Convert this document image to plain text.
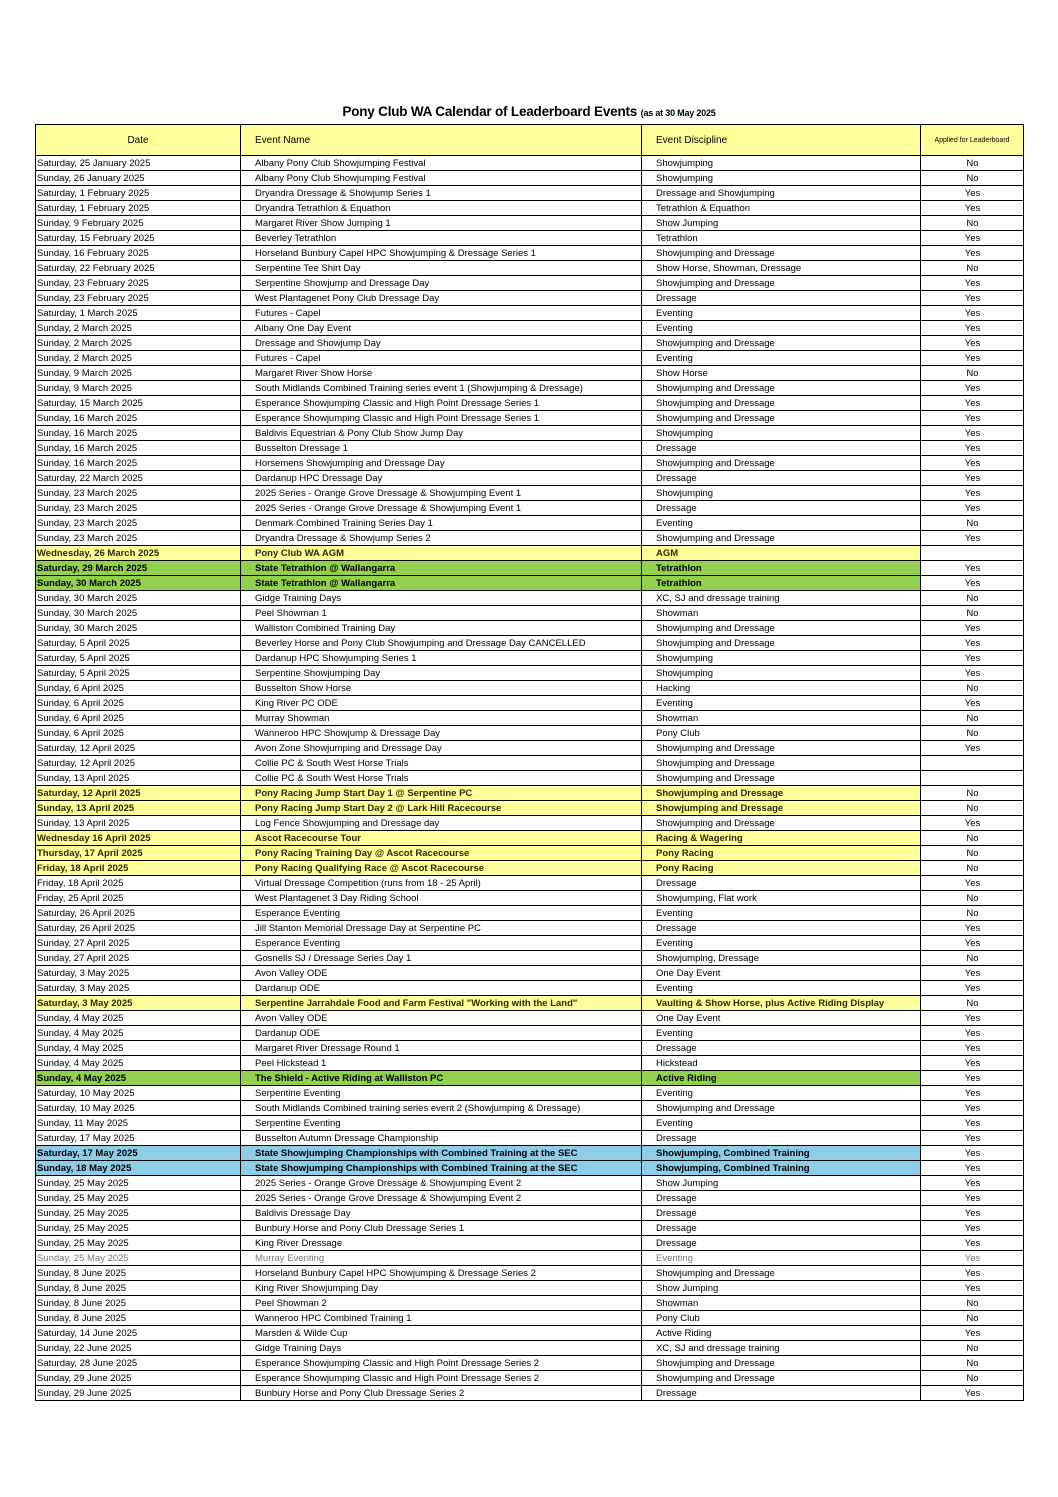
Pony Club WA Calendar of Leaderboard Events (as at 30 May 2025
Date	Event Name	Event Discipline	Applied for Leaderboard
Saturday, 25 January 2025	Albany Pony Club Showjumping Festival	Showjumping	No
Sunday, 26 January 2025	Albany Pony Club Showjumping Festival	Showjumping	No
Saturday, 1 February 2025	Dryandra Dressage & Showjump Series 1	Dressage and Showjumping	Yes
Saturday, 1 February 2025	Dryandra Tetrathlon & Equathon	Tetrathlon & Equathon	Yes
Sunday, 9 February 2025	Margaret River Show Jumping 1	Show Jumping	No
Saturday, 15 February 2025	Beverley Tetrathlon	Tetrathlon	Yes
Sunday, 16 February 2025	Horseland Bunbury Capel HPC Showjumping & Dressage Series 1	Showjumping and Dressage	Yes
Saturday, 22 February 2025	Serpentine Tee Shirt Day	Show Horse, Showman, Dressage	No
Sunday, 23 February 2025	Serpentine Showjump and Dressage Day	Showjumping and Dressage	Yes
Sunday, 23 February 2025	West Plantagenet Pony Club Dressage Day	Dressage	Yes
Saturday, 1 March 2025	Futures - Capel	Eventing	Yes
Sunday, 2 March 2025	Albany One Day Event	Eventing	Yes
Sunday, 2 March 2025	Dressage and Showjump Day	Showjumping and Dressage	Yes
Sunday, 2 March 2025	Futures - Capel	Eventing	Yes
Sunday, 9 March 2025	Margaret River Show Horse	Show Horse	No
Sunday, 9 March 2025	South Midlands Combined Training series event 1 (Showjumping & Dressage)	Showjumping and Dressage	Yes
Saturday, 15 March 2025	Esperance Showjumping Classic and High Point Dressage Series 1	Showjumping and Dressage	Yes
Sunday, 16 March 2025	Esperance Showjumping Classic and High Point Dressage Series 1	Showjumping and Dressage	Yes
Sunday, 16 March 2025	Baldivis Equestrian & Pony Club Show Jump Day	Showjumping	Yes
Sunday, 16 March 2025	Busselton Dressage 1	Dressage	Yes
Sunday, 16 March 2025	Horsemens Showjumping and Dressage Day	Showjumping and Dressage	Yes
Saturday, 22 March 2025	Dardanup HPC Dressage Day	Dressage	Yes
Sunday, 23 March 2025	2025 Series - Orange Grove Dressage & Showjumping Event 1	Showjumping	Yes
Sunday, 23 March 2025	2025 Series - Orange Grove Dressage & Showjumping Event 1	Dressage	Yes
Sunday, 23 March 2025	Denmark Combined Training Series Day 1	Eventing	No
Sunday, 23 March 2025	Dryandra Dressage & Showjump Series 2	Showjumping and Dressage	Yes
Wednesday, 26 March 2025	Pony Club WA AGM	AGM	
Saturday, 29 March 2025	State Tetrathlon @ Wallangarra	Tetrathlon	Yes
Sunday, 30 March 2025	State Tetrathlon @ Wallangarra	Tetrathlon	Yes
Sunday, 30 March 2025	Gidge Training Days	XC, SJ and dressage training	No
Sunday, 30 March 2025	Peel Showman 1	Showman	No
Sunday, 30 March 2025	Walliston Combined Training Day	Showjumping and Dressage	Yes
Saturday, 5 April 2025	Beverley Horse and Pony Club Showjumping and Dressage Day CANCELLED	Showjumping and Dressage	Yes
Saturday, 5 April 2025	Dardanup HPC Showjumping Series 1	Showjumping	Yes
Saturday, 5 April 2025	Serpentine Showjumping Day	Showjumping	Yes
Sunday, 6 April 2025	Busselton Show Horse	Hacking	No
Sunday, 6 April 2025	King River PC ODE	Eventing	Yes
Sunday, 6 April 2025	Murray Showman	Showman	No
Sunday, 6 April 2025	Wanneroo HPC Showjump & Dressage Day	Pony Club	No
Saturday, 12 April 2025	Avon Zone Showjumping and Dressage Day	Showjumping and Dressage	Yes
Saturday, 12 April 2025	Collie PC & South West Horse Trials	Showjumping and Dressage	
Sunday, 13 April 2025	Collie PC & South West Horse Trials	Showjumping and Dressage	
Saturday, 12 April 2025	Pony Racing Jump Start Day 1 @ Serpentine PC	Showjumping and Dressage	No
Sunday, 13 April 2025	Pony Racing Jump Start Day 2 @ Lark Hill Racecourse	Showjumping and Dressage	No
Sunday, 13 April 2025	Log Fence Showjumping and Dressage day	Showjumping and Dressage	Yes
Wednesday 16 April 2025	Ascot Racecourse Tour	Racing & Wagering	No
Thursday, 17 April 2025	Pony Racing Training Day @ Ascot Racecourse	Pony Racing	No
Friday, 18 April 2025	Pony Racing Qualifying Race @ Ascot Racecourse	Pony Racing	No
Friday, 18 April 2025	Virtual Dressage Competition (runs from 18 - 25 April)	Dressage	Yes
Friday, 25 April 2025	West Plantagenet 3 Day Riding School	Showjumping, Flat work	No
Saturday, 26 April 2025	Esperance Eventing	Eventing	No
Saturday, 26 April 2025	Jill Stanton Memorial Dressage Day at Serpentine PC	Dressage	Yes
Sunday, 27 April 2025	Esperance Eventing	Eventing	Yes
Sunday, 27 April 2025	Gosnells SJ / Dressage Series Day 1	Showjumping, Dressage	No
Saturday, 3 May 2025	Avon Valley ODE	One Day Event	Yes
Saturday, 3 May 2025	Dardanup ODE	Eventing	Yes
Saturday, 3 May 2025	Serpentine Jarrahdale Food and Farm Festival "Working with the Land"	Vaulting & Show Horse, plus Active Riding Display	No
Sunday, 4 May 2025	Avon Valley ODE	One Day Event	Yes
Sunday, 4 May 2025	Dardanup ODE	Eventing	Yes
Sunday, 4 May 2025	Margaret River Dressage Round 1	Dressage	Yes
Sunday, 4 May 2025	Peel Hickstead 1	Hickstead	Yes
Sunday, 4 May 2025	The Shield - Active Riding at Walliston PC	Active Riding	Yes
Saturday, 10 May 2025	Serpentine Eventing	Eventing	Yes
Saturday, 10 May 2025	South Midlands Combined training series event 2 (Showjumping & Dressage)	Showjumping and Dressage	Yes
Sunday, 11 May 2025	Serpentine Eventing	Eventing	Yes
Saturday, 17 May 2025	Busselton Autumn Dressage Championship	Dressage	Yes
Saturday, 17 May 2025	State Showjumping Championships with Combined Training at the SEC	Showjumping, Combined Training	Yes
Sunday, 18 May 2025	State Showjumping Championships with Combined Training at the SEC	Showjumping, Combined Training	Yes
Sunday, 25 May 2025	2025 Series - Orange Grove Dressage & Showjumping Event 2	Show Jumping	Yes
Sunday, 25 May 2025	2025 Series - Orange Grove Dressage & Showjumping Event 2	Dressage	Yes
Sunday, 25 May 2025	Baldivis Dressage Day	Dressage	Yes
Sunday, 25 May 2025	Bunbury Horse and Pony Club Dressage Series 1	Dressage	Yes
Sunday, 25 May 2025	King River Dressage	Dressage	Yes
Sunday, 25 May 2025	Murray Eventing	Eventing	Yes
Sunday, 8 June 2025	Horseland Bunbury Capel HPC Showjumping & Dressage Series 2	Showjumping and Dressage	Yes
Sunday, 8 June 2025	King River Showjumping Day	Show Jumping	Yes
Sunday, 8 June 2025	Peel Showman 2	Showman	No
Sunday, 8 June 2025	Wanneroo HPC Combined Training 1	Pony Club	No
Saturday, 14 June 2025	Marsden & Wilde Cup	Active Riding	Yes
Sunday, 22 June 2025	Gidge Training Days	XC, SJ and dressage training	No
Saturday, 28 June 2025	Esperance Showjumping Classic and High Point Dressage Series 2	Showjumping and Dressage	No
Sunday, 29 June 2025	Esperance Showjumping Classic and High Point Dressage Series 2	Showjumping and Dressage	No
Sunday, 29 June 2025	Bunbury Horse and Pony Club Dressage Series 2	Dressage	Yes
